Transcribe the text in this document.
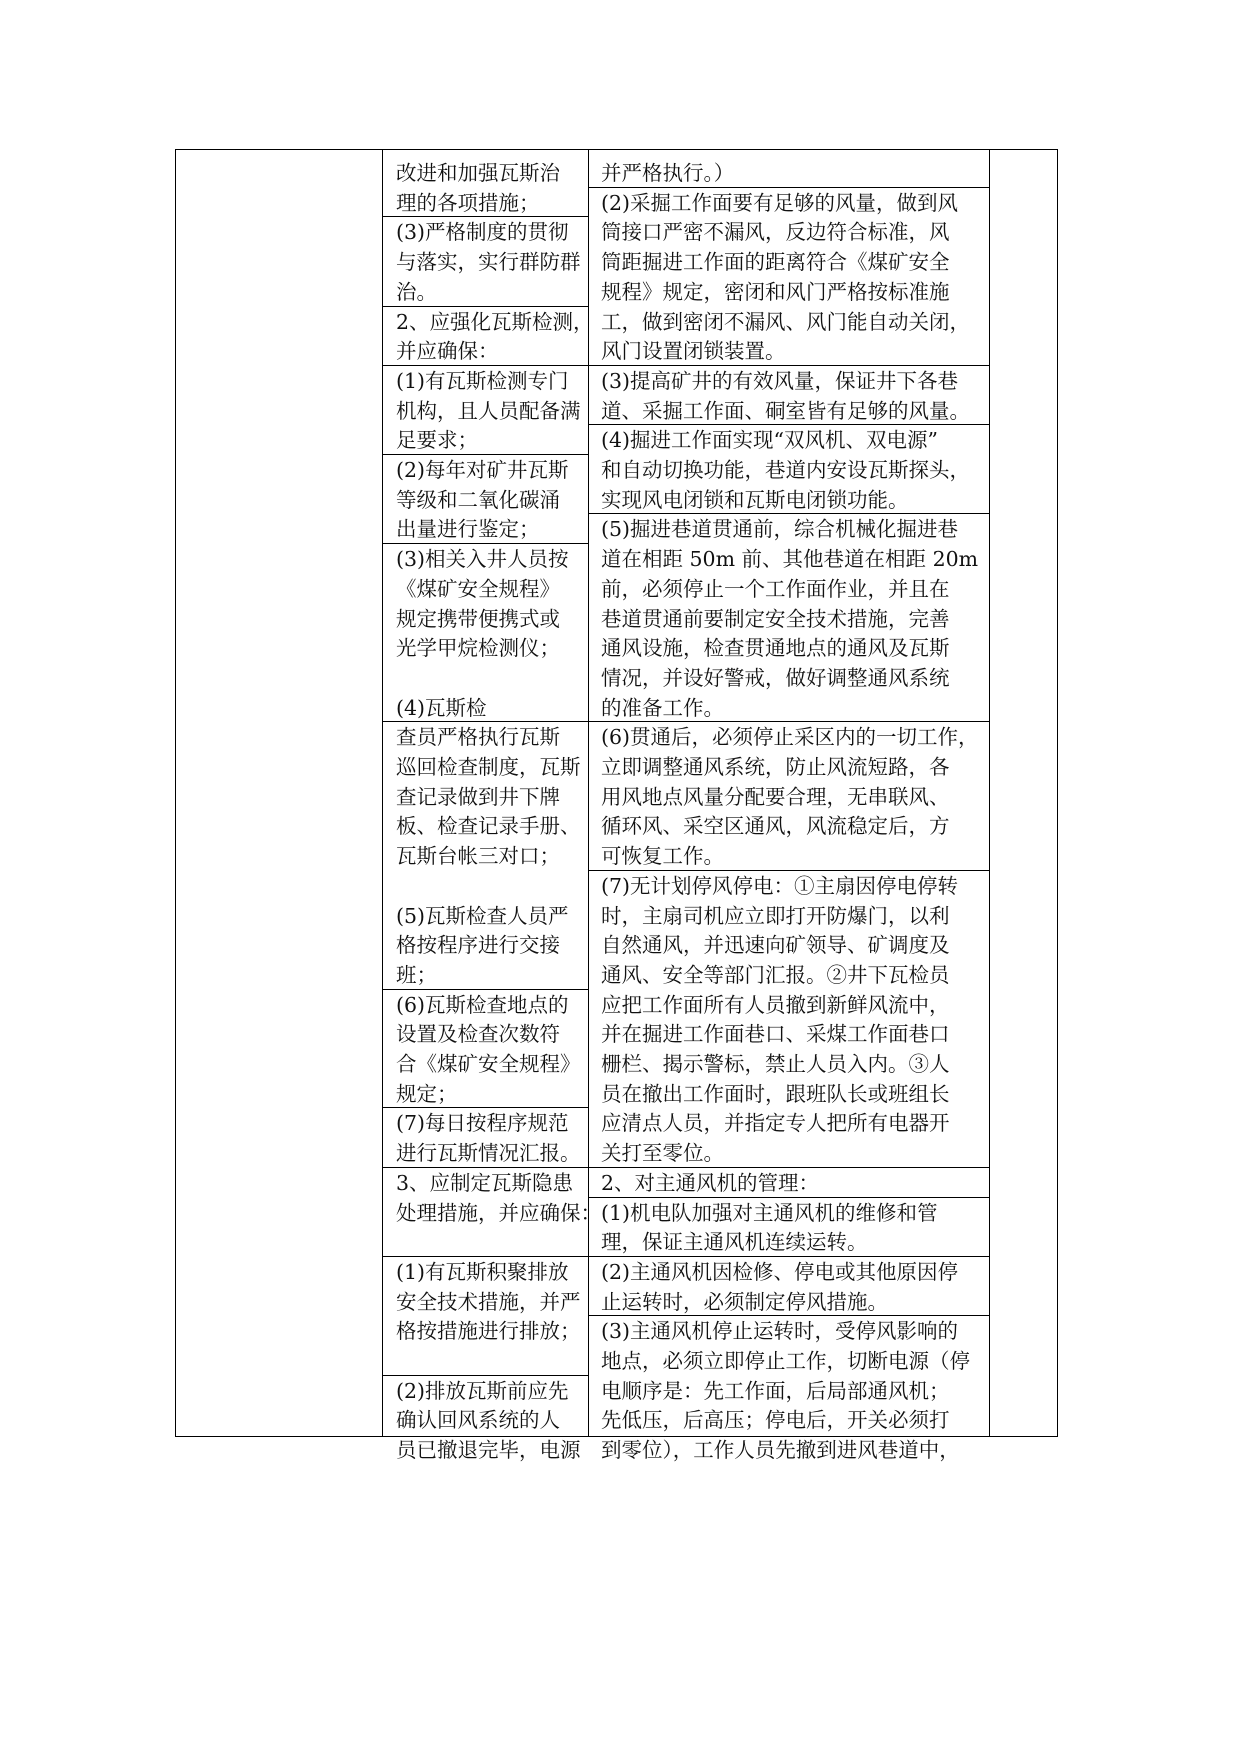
改进和加强瓦斯治
理的各项措施；
(3)严格制度的贯彻
与落实，实行群防群
治。
2、应强化瓦斯检测，
并应确保：
(1)有瓦斯检测专门
机构，且人员配备满
足要求；
(2)每年对矿井瓦斯
等级和二氧化碳涌
出量进行鉴定；
(3)相关入井人员按
《煤矿安全规程》
规定携带便携式或
光学甲烷检测仪；
(4)瓦斯检
查员严格执行瓦斯
巡回检查制度，瓦斯
查记录做到井下牌
板、检查记录手册、
瓦斯台帐三对口；
(5)瓦斯检查人员严
格按程序进行交接
班；
(6)瓦斯检查地点的
设置及检查次数符
合《煤矿安全规程》
规定；
(7)每日按程序规范
进行瓦斯情况汇报。
3、应制定瓦斯隐患
处理措施，并应确保：
(1)有瓦斯积聚排放
安全技术措施，并严
格按措施进行排放；
(2)排放瓦斯前应先
确认回风系统的人
员已撤退完毕，电源
并严格执行。）
(2)采掘工作面要有足够的风量，做到风
筒接口严密不漏风，反边符合标准，风
筒距掘进工作面的距离符合《煤矿安全
规程》规定，密闭和风门严格按标准施
工，做到密闭不漏风、风门能自动关闭，
风门设置闭锁装置。
(3)提高矿井的有效风量，保证井下各巷
道、采掘工作面、硐室皆有足够的风量。
(4)掘进工作面实现“双风机、双电源”
和自动切换功能，巷道内安设瓦斯探头，
实现风电闭锁和瓦斯电闭锁功能。
(5)掘进巷道贯通前，综合机械化掘进巷
道在相距 50m 前、其他巷道在相距 20m
前，必须停止一个工作面作业，并且在
巷道贯通前要制定安全技术措施，完善
通风设施，检查贯通地点的通风及瓦斯
情况，并设好警戒，做好调整通风系统
的准备工作。
(6)贯通后，必须停止采区内的一切工作，
立即调整通风系统，防止风流短路，各
用风地点风量分配要合理，无串联风、
循环风、采空区通风，风流稳定后，方
可恢复工作。
(7)无计划停风停电：①主扇因停电停转
时，主扇司机应立即打开防爆门，以利
自然通风，并迅速向矿领导、矿调度及
通风、安全等部门汇报。②井下瓦检员
应把工作面所有人员撤到新鲜风流中，
并在掘进工作面巷口、采煤工作面巷口
栅栏、揭示警标，禁止人员入内。③人
员在撤出工作面时，跟班队长或班组长
应清点人员，并指定专人把所有电器开
关打至零位。
2、对主通风机的管理：
(1)机电队加强对主通风机的维修和管
理，保证主通风机连续运转。
(2)主通风机因检修、停电或其他原因停
止运转时，必须制定停风措施。
(3)主通风机停止运转时，受停风影响的
地点，必须立即停止工作，切断电源（停
电顺序是：先工作面，后局部通风机；
先低压，后高压；停电后，开关必须打
到零位），工作人员先撤到进风巷道中，
